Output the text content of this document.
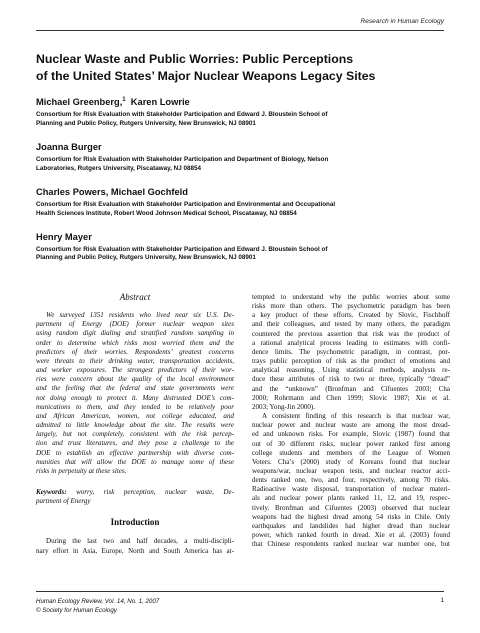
Research in Human Ecology
Nuclear Waste and Public Worries: Public Perceptions
of the United States’ Major Nuclear Weapons Legacy Sites
Michael Greenberg,$^1$  Karen Lowrie
Consortium for Risk Evaluation with Stakeholder Participation and Edward J. Bloustein School of
Planning and Public Policy, Rutgers University, New Brunswick, NJ 08901
Joanna Burger
Consortium for Risk Evaluation with Stakeholder Participation and Department of Biology, Nelson
Laboratories, Rutgers University, Piscataway, NJ 08854
Charles Powers, Michael Gochfeld
Consortium for Risk Evaluation with Stakeholder Participation and Environmental and Occupational
Health Sciences Institute, Robert Wood Johnson Medical School, Piscataway, NJ 08854
Henry Mayer
Consortium for Risk Evaluation with Stakeholder Participation and Edward J. Bloustein School of
Planning and Public Policy, Rutgers University, New Brunswick, NJ 08901
Abstract
We surveyed 1351 residents who lived near six U.S. De-
partment of Energy (DOE) former nuclear weapon sites
using random digit dialing and stratified random sampling in
order to determine which risks most worried them and the
predictors of their worries. Respondents’ greatest concerns
were threats to their drinking water, transportation accidents,
and worker exposures. The strongest predictors of their wor-
ries were concern about the quality of the local environment
and the feeling that the federal and state governments were
not doing enough to protect it. Many distrusted DOE’s com-
munications to them, and they tended to be relatively poor
and African American, women, not college educated, and
admitted to little knowledge about the site. The results were
largely, but not completely, consistent with the risk percep-
tion and trust literatures, and they pose a challenge to the
DOE to establish an effective partnership with diverse com-
munities that will allow the DOE to manage some of these
risks in perpetuity at these sites.
Keywords: worry, risk perception, nuclear waste, De-
partment of Energy
Introduction
During the last two and half decades, a multi-discipli-
nary effort in Asia, Europe, North and South America has at-
tempted to understand why the public worries about some
risks more than others. The psychometric paradigm has been
a key product of these efforts. Created by Slovic, Fischhoff
and their colleagues, and tested by many others, the paradigm
countered the previous assertion that risk was the product of
a rational analytical process leading to estimates with confi-
dence limits. The psychometric paradigm, in contrast, por-
trays public perception of risk as the product of emotions and
analytical reasoning. Using statistical methods, analysts re-
duce these attributes of risk to two or three, typically “dread”
and the “unknown” (Bronfman and Cifuentes 2003; Cha
2000; Rohrmann and Chen 1999; Slovic 1987; Xie et al.
2003; Yong-Jin 2000).
A consistent finding of this research is that nuclear war,
nuclear power and nuclear waste are among the most dread-
ed and unknown risks. For example, Slovic (1987) found that
out of 30 different risks, nuclear power ranked first among
college students and members of the League of Women
Voters. Cha’s (2000) study of Koreans found that nuclear
weapons/war, nuclear weapon tests, and nuclear reactor acci-
dents ranked one, two, and four, respectively, among 70 risks.
Radioactive waste disposal, transportation of nuclear materi-
als and nuclear power plants ranked 11, 12, and 19, respec-
tively. Bronfman and Cifuentes (2003) observed that nuclear
weapons had the highest dread among 54 risks in Chile. Only
earthquakes and landslides had higher dread than nuclear
power, which ranked fourth in dread. Xie et al. (2003) found
that Chinese respondents ranked nuclear war number one, but
Human Ecology Review, Vol. 14, No. 1, 2007
© Society for Human Ecology
1
